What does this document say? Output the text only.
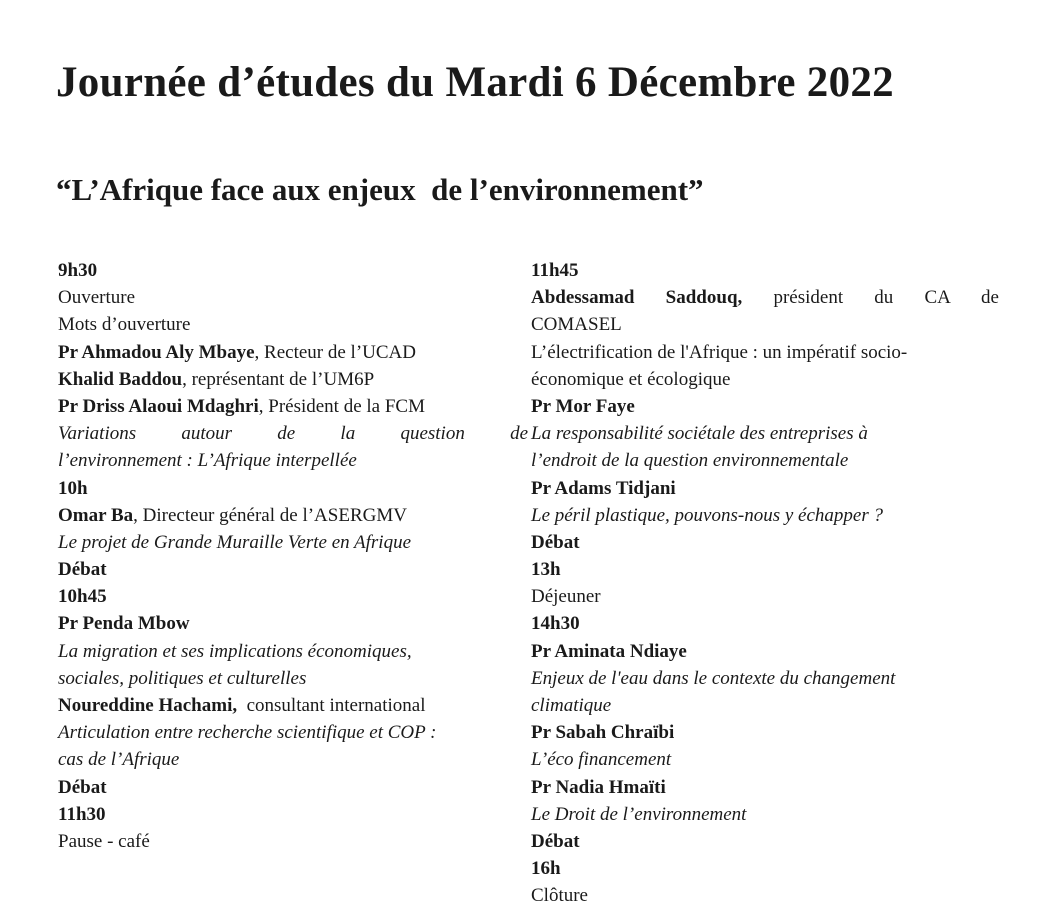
Journée d’études du Mardi 6 Décembre 2022
“L’Afrique face aux enjeux  de l’environnement”
9h30
Ouverture
Mots d’ouverture
Pr Ahmadou Aly Mbaye, Recteur de l’UCAD
Khalid Baddou, représentant de l’UM6P
Pr Driss Alaoui Mdaghri, Président de la FCM
Variations autour de la question de
l’environnement : L’Afrique interpellée
10h
Omar Ba, Directeur général de l’ASERGMV
Le projet de Grande Muraille Verte en Afrique
Débat
10h45
Pr Penda Mbow
La migration et ses implications économiques,
sociales, politiques et culturelles
Noureddine Hachami,  consultant international
Articulation entre recherche scientifique et COP :
cas de l’Afrique
Débat
11h30
Pause - café
11h45
Abdessamad Saddouq, président du CA de
COMASEL
L’électrification de l'Afrique : un impératif socio-
économique et écologique
Pr Mor Faye
La responsabilité sociétale des entreprises à
l’endroit de la question environnementale
Pr Adams Tidjani
Le péril plastique, pouvons-nous y échapper ?
Débat
13h
Déjeuner
14h30
Pr Aminata Ndiaye
Enjeux de l'eau dans le contexte du changement
climatique
Pr Sabah Chraïbi
L’éco financement
Pr Nadia Hmaïti
Le Droit de l’environnement
Débat
16h
Clôture
